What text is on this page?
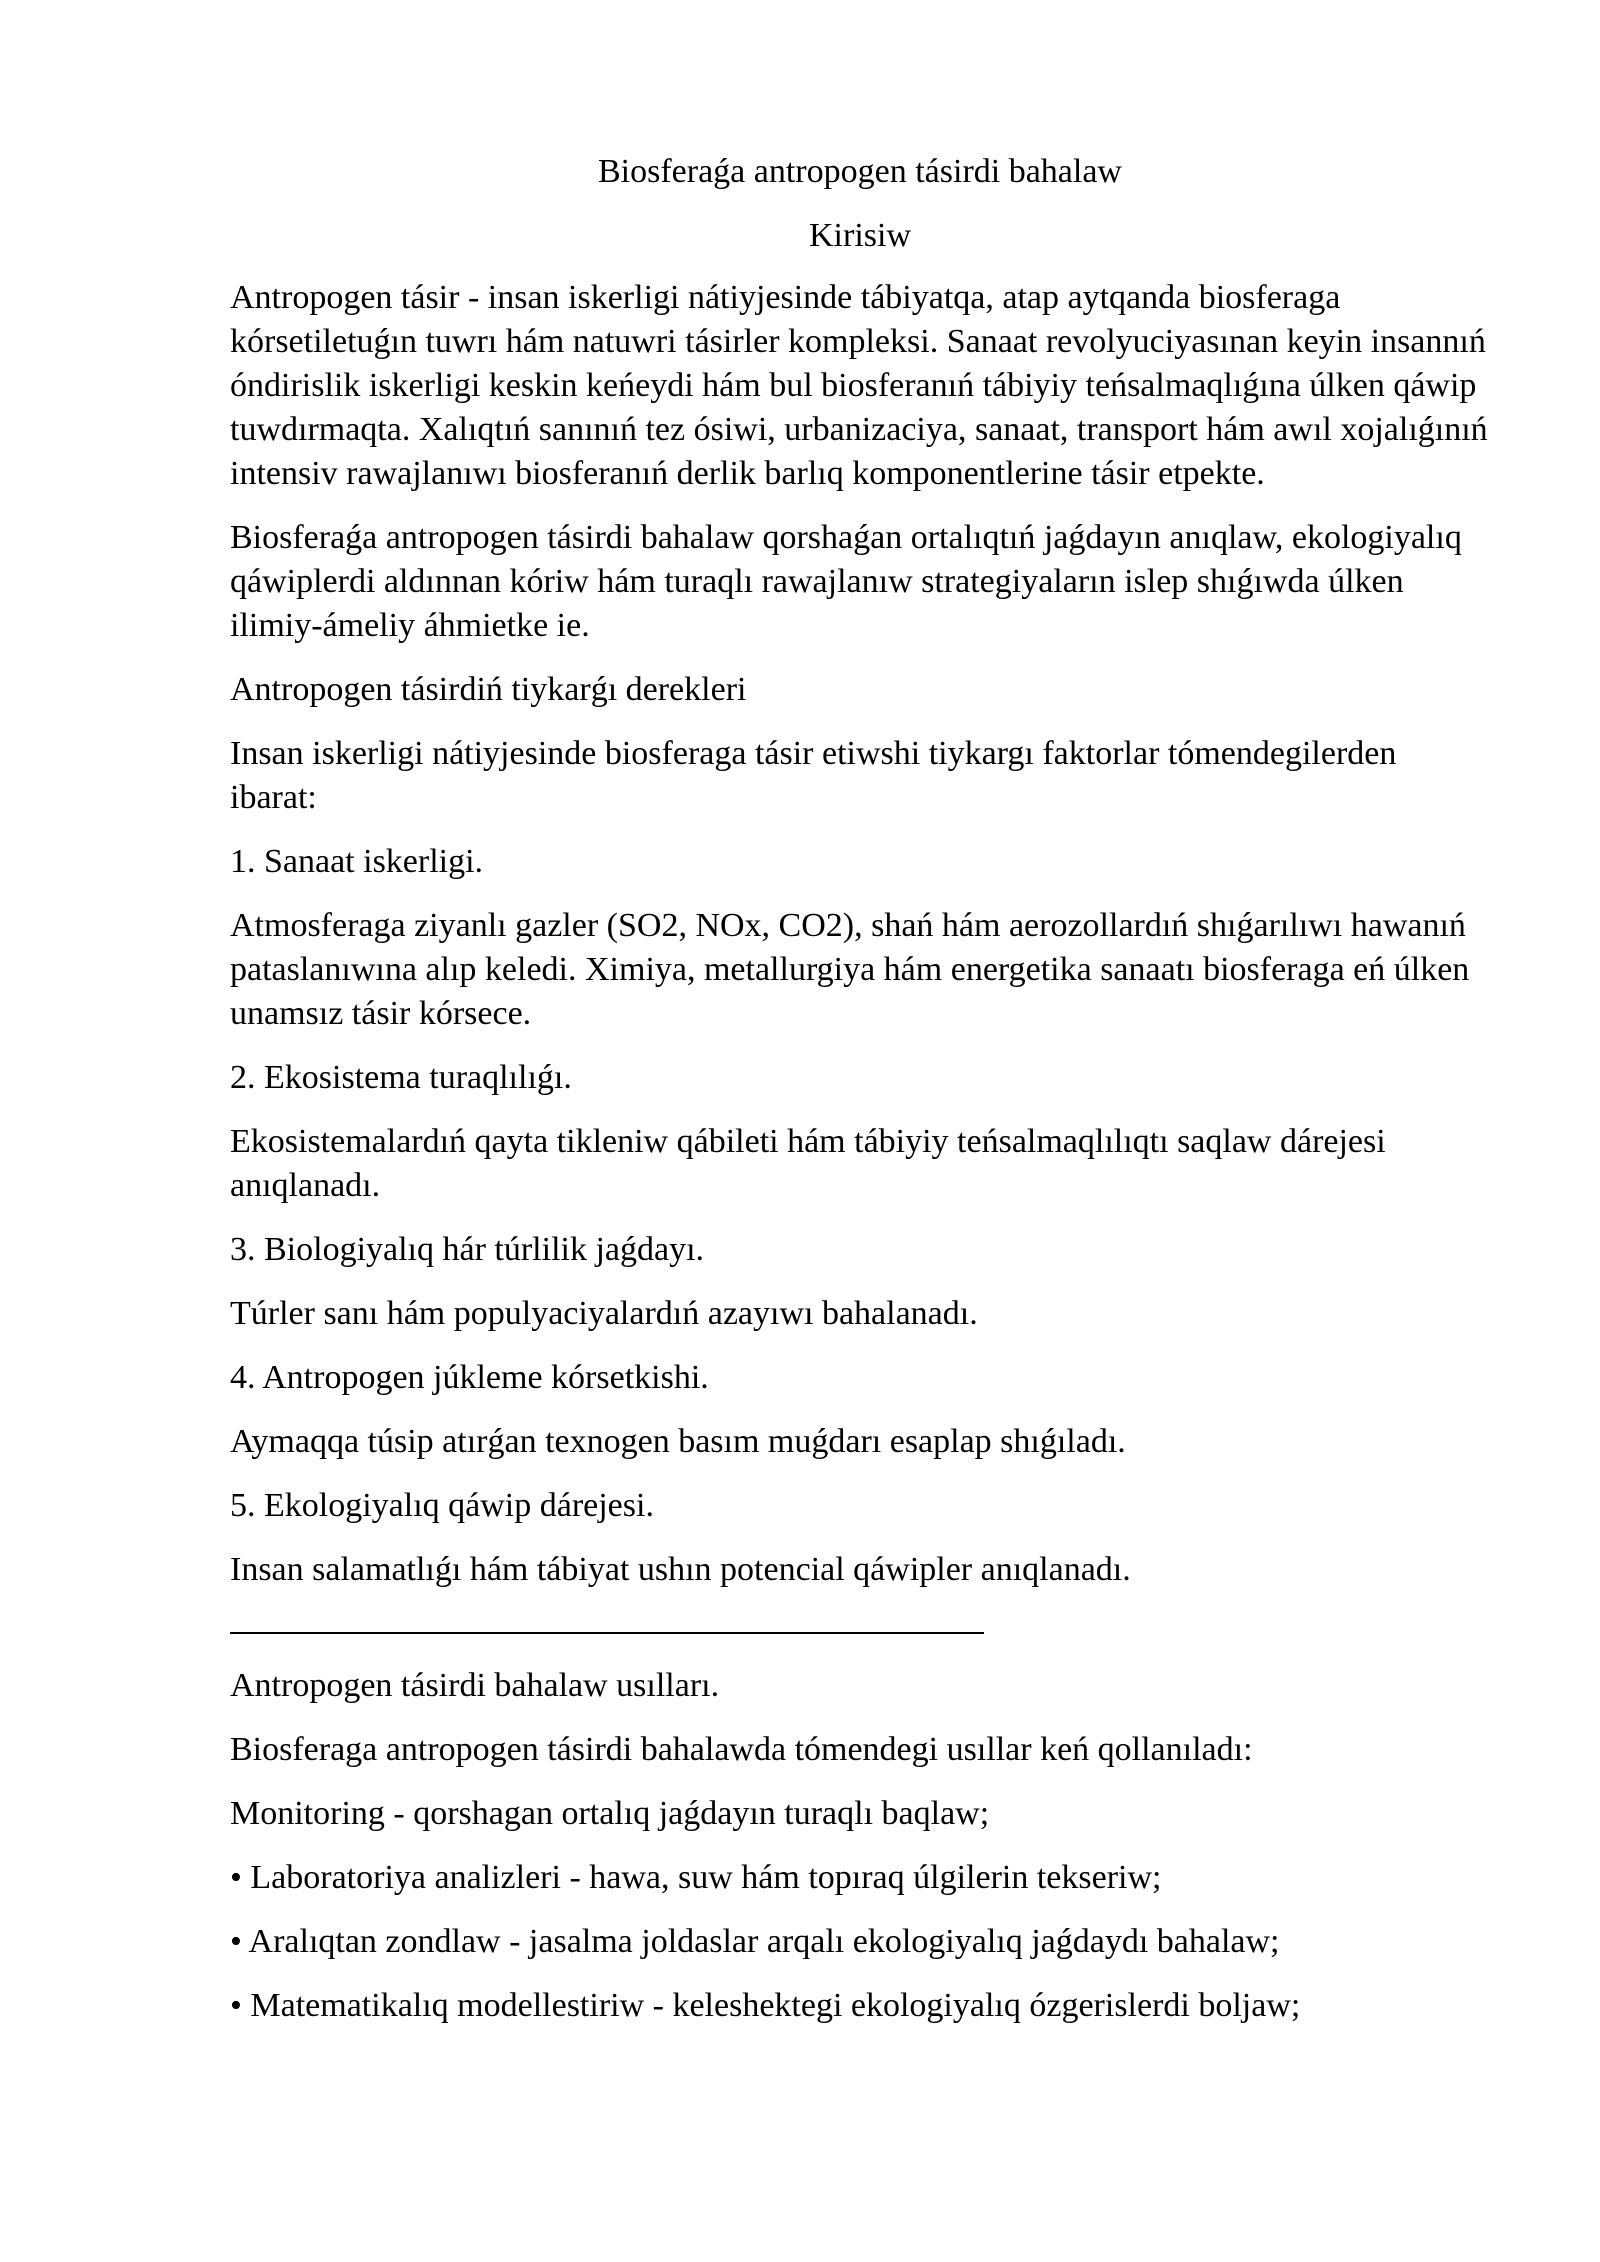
Biosferaǵa antropogen tásirdi bahalaw

Kirisiw

Antropogen tásir - insan iskerligi nátiyjesinde tábiyatqa, atap aytqanda biosferaga kórsetiletuǵın tuwrı hám natuwri tásirler kompleksi. Sanaat revolyuciyasınan keyin insannıń óndirislik iskerligi keskin keńeydi hám bul biosferanıń tábiyiy teńsalmaqlıǵına úlken qáwip tuwdırmaqta. Xalıqtıń sanınıń tez ósiwi, urbanizaciya, sanaat, transport hám awıl xojalıǵınıń intensiv rawajlanıwı biosferanıń derlik barlıq komponentlerine tásir etpekte.

Biosferaǵa antropogen tásirdi bahalaw qorshaǵan ortalıqtıń jaǵdayın anıqlaw, ekologiyalıq qáwiplerdi aldınnan kóriw hám turaqlı rawajlanıw strategiyaların islep shıǵıwda úlken ilimiy-ámeliy áhmietke ie.

Antropogen tásirdiń tiykarǵı derekleri

Insan iskerligi nátiyjesinde biosferaga tásir etiwshi tiykargı faktorlar tómendegilerden ibarat:

1. Sanaat iskerligi.

Atmosferaga ziyanlı gazler (SO2, NOx, CO2), shań hám aerozollardıń shıǵarılıwı hawanıń pataslanıwına alıp keledi. Ximiya, metallurgiya hám energetika sanaatı biosferaga eń úlken unamsız tásir kórsece.

2. Ekosistema turaqlılıǵı.

Ekosistemalardıń qayta tikleniw qábileti hám tábiyiy teńsalmaqlılıqtı saqlaw dárejesi anıqlanadı.

3. Biologiyalıq hár túrlilik jaǵdayı.

Túrler sanı hám populyaciyalardıń azayıwı bahalanadı.

4. Antropogen júkleme kórsetkishi.

Aymaqqa túsip atırǵan texnogen basım muǵdarı esaplap shıǵıladı.

5. Ekologiyalıq qáwip dárejesi.

Insan salamatlıǵı hám tábiyat ushın potencial qáwipler anıqlanadı.

Antropogen tásirdi bahalaw usılları.

Biosferaga antropogen tásirdi bahalawda tómendegi usıllar keń qollanıladı:

Monitoring - qorshagan ortalıq jaǵdayın turaqlı baqlaw;

• Laboratoriya analizleri - hawa, suw hám topıraq úlgilerin tekseriw;

• Aralıqtan zondlaw - jasalma joldaslar arqalı ekologiyalıq jaǵdaydı bahalaw;

• Matematikalıq modellestiriw - keleshektegi ekologiyalıq ózgerislerdi boljaw;
